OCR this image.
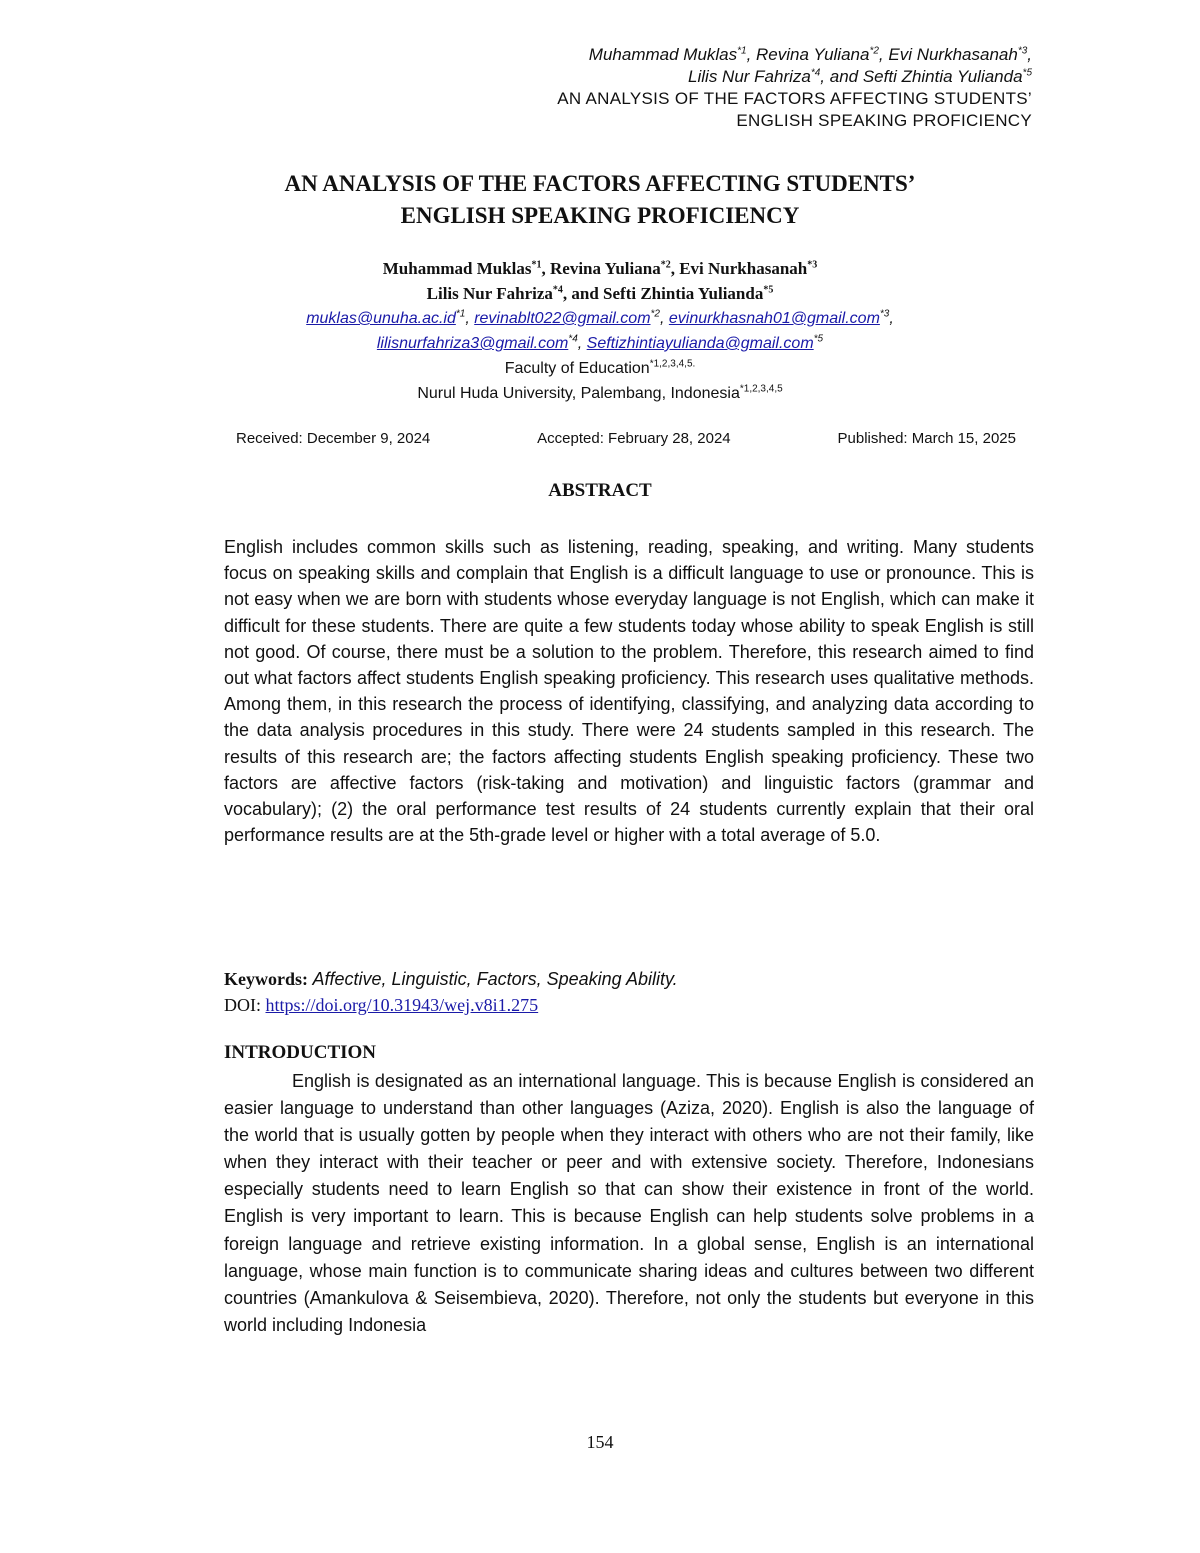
Muhammad Muklas$^{*1}$, Revina Yuliana$^{*2}$, Evi Nurkhasanah$^{*3}$,
Lilis Nur Fahriza$^{*4}$, and Sefti Zhintia Yulianda$^{*5}$
AN ANALYSIS OF THE FACTORS AFFECTING STUDENTS’
ENGLISH SPEAKING PROFICIENCY
AN ANALYSIS OF THE FACTORS AFFECTING STUDENTS’
ENGLISH SPEAKING PROFICIENCY
Muhammad Muklas$^{*1}$, Revina Yuliana$^{*2}$, Evi Nurkhasanah$^{*3}$
Lilis Nur Fahriza$^{*4}$, and Sefti Zhintia Yulianda$^{*5}$
$muklas@unuha.ac.id^{*1}$, revinablt022@gmail.com$^{*2}$, evinurkhasnah01@gmail.com$^{*3}$,
lilisnurfahriza3@gmail.com$^{*4}$, Seftizhintiayulianda@gmail.com$^{*5}$
Faculty of Education$^{*1,2,3,4,5.}$
Nurul Huda University, Palembang, Indonesia$^{*1,2,3,4,5}$
Received: December 9, 2024	Accepted: February 28, 2024	Published: March 15, 2025
ABSTRACT

English includes common skills such as listening, reading, speaking, and writing. Many students focus on speaking skills and complain that English is a difficult language to use or pronounce. This is not easy when we are born with students whose everyday language is not English, which can make it difficult for these students. There are quite a few students today whose ability to speak English is still not good. Of course, there must be a solution to the problem. Therefore, this research aimed to find out what factors affect students English speaking proficiency. This research uses qualitative methods. Among them, in this research the process of identifying, classifying, and analyzing data according to the data analysis procedures in this study. There were 24 students sampled in this research. The results of this research are; the factors affecting students English speaking proficiency. These two factors are affective factors (risk-taking and motivation) and linguistic factors (grammar and vocabulary); (2) the oral performance test results of 24 students currently explain that their oral performance results are at the 5th-grade level or higher with a total average of 5.0.

Keywords: Affective, Linguistic, Factors, Speaking Ability.
DOI: https://doi.org/10.31943/wej.v8i1.275
INTRODUCTION

English is designated as an international language. This is because English is considered an easier language to understand than other languages (Aziza, 2020). English is also the language of the world that is usually gotten by people when they interact with others who are not their family, like when they interact with their teacher or peer and with extensive society. Therefore, Indonesians especially students need to learn English so that can show their existence in front of the world. English is very important to learn. This is because English can help students solve problems in a foreign language and retrieve existing information. In a global sense, English is an international language, whose main function is to communicate sharing ideas and cultures between two different countries (Amankulova & Seisembieva, 2020). Therefore, not only the students but everyone in this world including Indonesia

154
